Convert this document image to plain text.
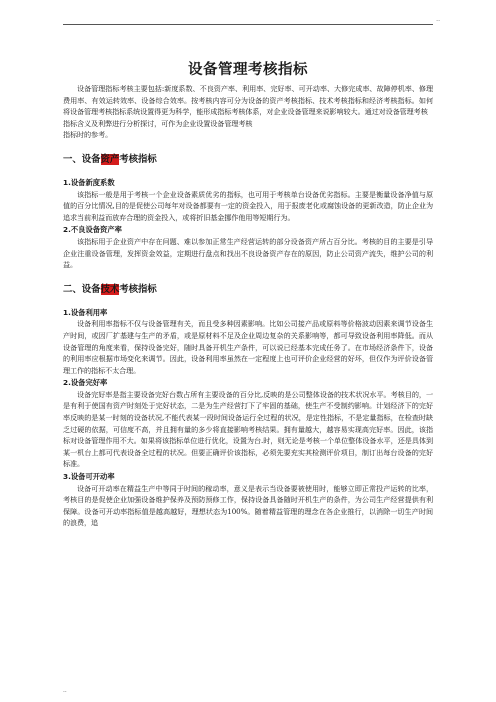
..
设备管理考核指标

设备管理指标考核主要包括:新度系数、不良资产率、利用率、完好率、可开动率、大修完成率、故障停机率、修理费用率、有效运转效率、设备综合效率。按考核内容可分为设备的资产考核指标、技术考核指标和经济考核指标。如何将设备管理考核指标系统设置得更为科学，能形成指标考核体系，对企业设备管理来说影响较大。通过对设备管理考核

指标含义及利弊进行分析探讨，可作为企业设置设备管理考核

指标时的参考。

一、设备资产考核指标
1.设备新度系数

该指标一般是用于考核一个企业设备素质优劣的指标，也可用于考核单台设备优劣指标。主要是衡量设备净值与原值的百分比情况,目的是促使公司每年对设备都要有一定的资金投入，用于报废老化或腐蚀设备的更新改造，防止企业为追求当前利益而放弃合理的资金投入，或将折旧基金挪作他用等短期行为。

2.不良设备资产率

该指标用于企业资产中存在问题、难以参加正常生产经营运转的部分设备资产所占百分比。考核的目的主要是引导企业注重设备管理，发挥资金效益，定期进行盘点和找出不良设备资产存在的原因，防止公司资产流失，维护公司的利益。

二、设备技术考核指标
1.设备利用率

设备利用率指标不仅与设备管理有关，而且受多种因素影响。比如公司接产品或原料等价格波动因素来调节设备生产时间，或因厂扩基建与生产的矛盾，或是原材料不足及企业周边复杂的关系影响等，都可导致设备利用率降低。而从设备管理的角度来看，保持设备完好，随时具备开机生产条件，可以说已经基本完成任务了。在市场经济条件下，设备的利用率应根据市场变化来调节。因此，设备利用率虽然在一定程度上也可评价企业经营的好坏，但仅作为评价设备管理工作的指标不太合理。

2.设备完好率

设备完好率是指主要设备完好台数占所有主要设备的百分比,反映的是公司整体设备的技术状况水平。考核目的，一是有利于使国有资产时刻处于完好状态，二是为生产经营打下了牢固的基础，使生产不受制约影响。计划经济下的完好率反映的是某一时刻的设备状况,不能代表某一段时间设备运行全过程的状况，是定性指标，不是定量指标，在检查时缺乏过硬的依据，可信度不高，并且拥有量的多少将直接影响考核结果。拥有量越大，越容易实现高完好率。因此，该指标对设备管理作用不大。如果将该指标单位进行优化，设置为台.时，则无论是考核一个单位整体设备水平，还是具体到某一机台上都可代表设备全过程的状况。但要正确评价该指标，必须先要充实其检测评价项目，制订出每台设备的完好标准。

3.设备可开动率

设备可开动率在精益生产中等同于时间的稼动率，意义是表示当设备要被使用时，能够立即正常投产运转的比率，考核目的是促使企业加强设备维护保养及预防预修工作，保持设备具备随时开机生产的条件，为公司生产经营提供有利保障。设备可开动率指标值是越高越好，理想状态为100%。随着精益管理的理念在各企业推行，以消除一切生产时间的浪费，追

..
